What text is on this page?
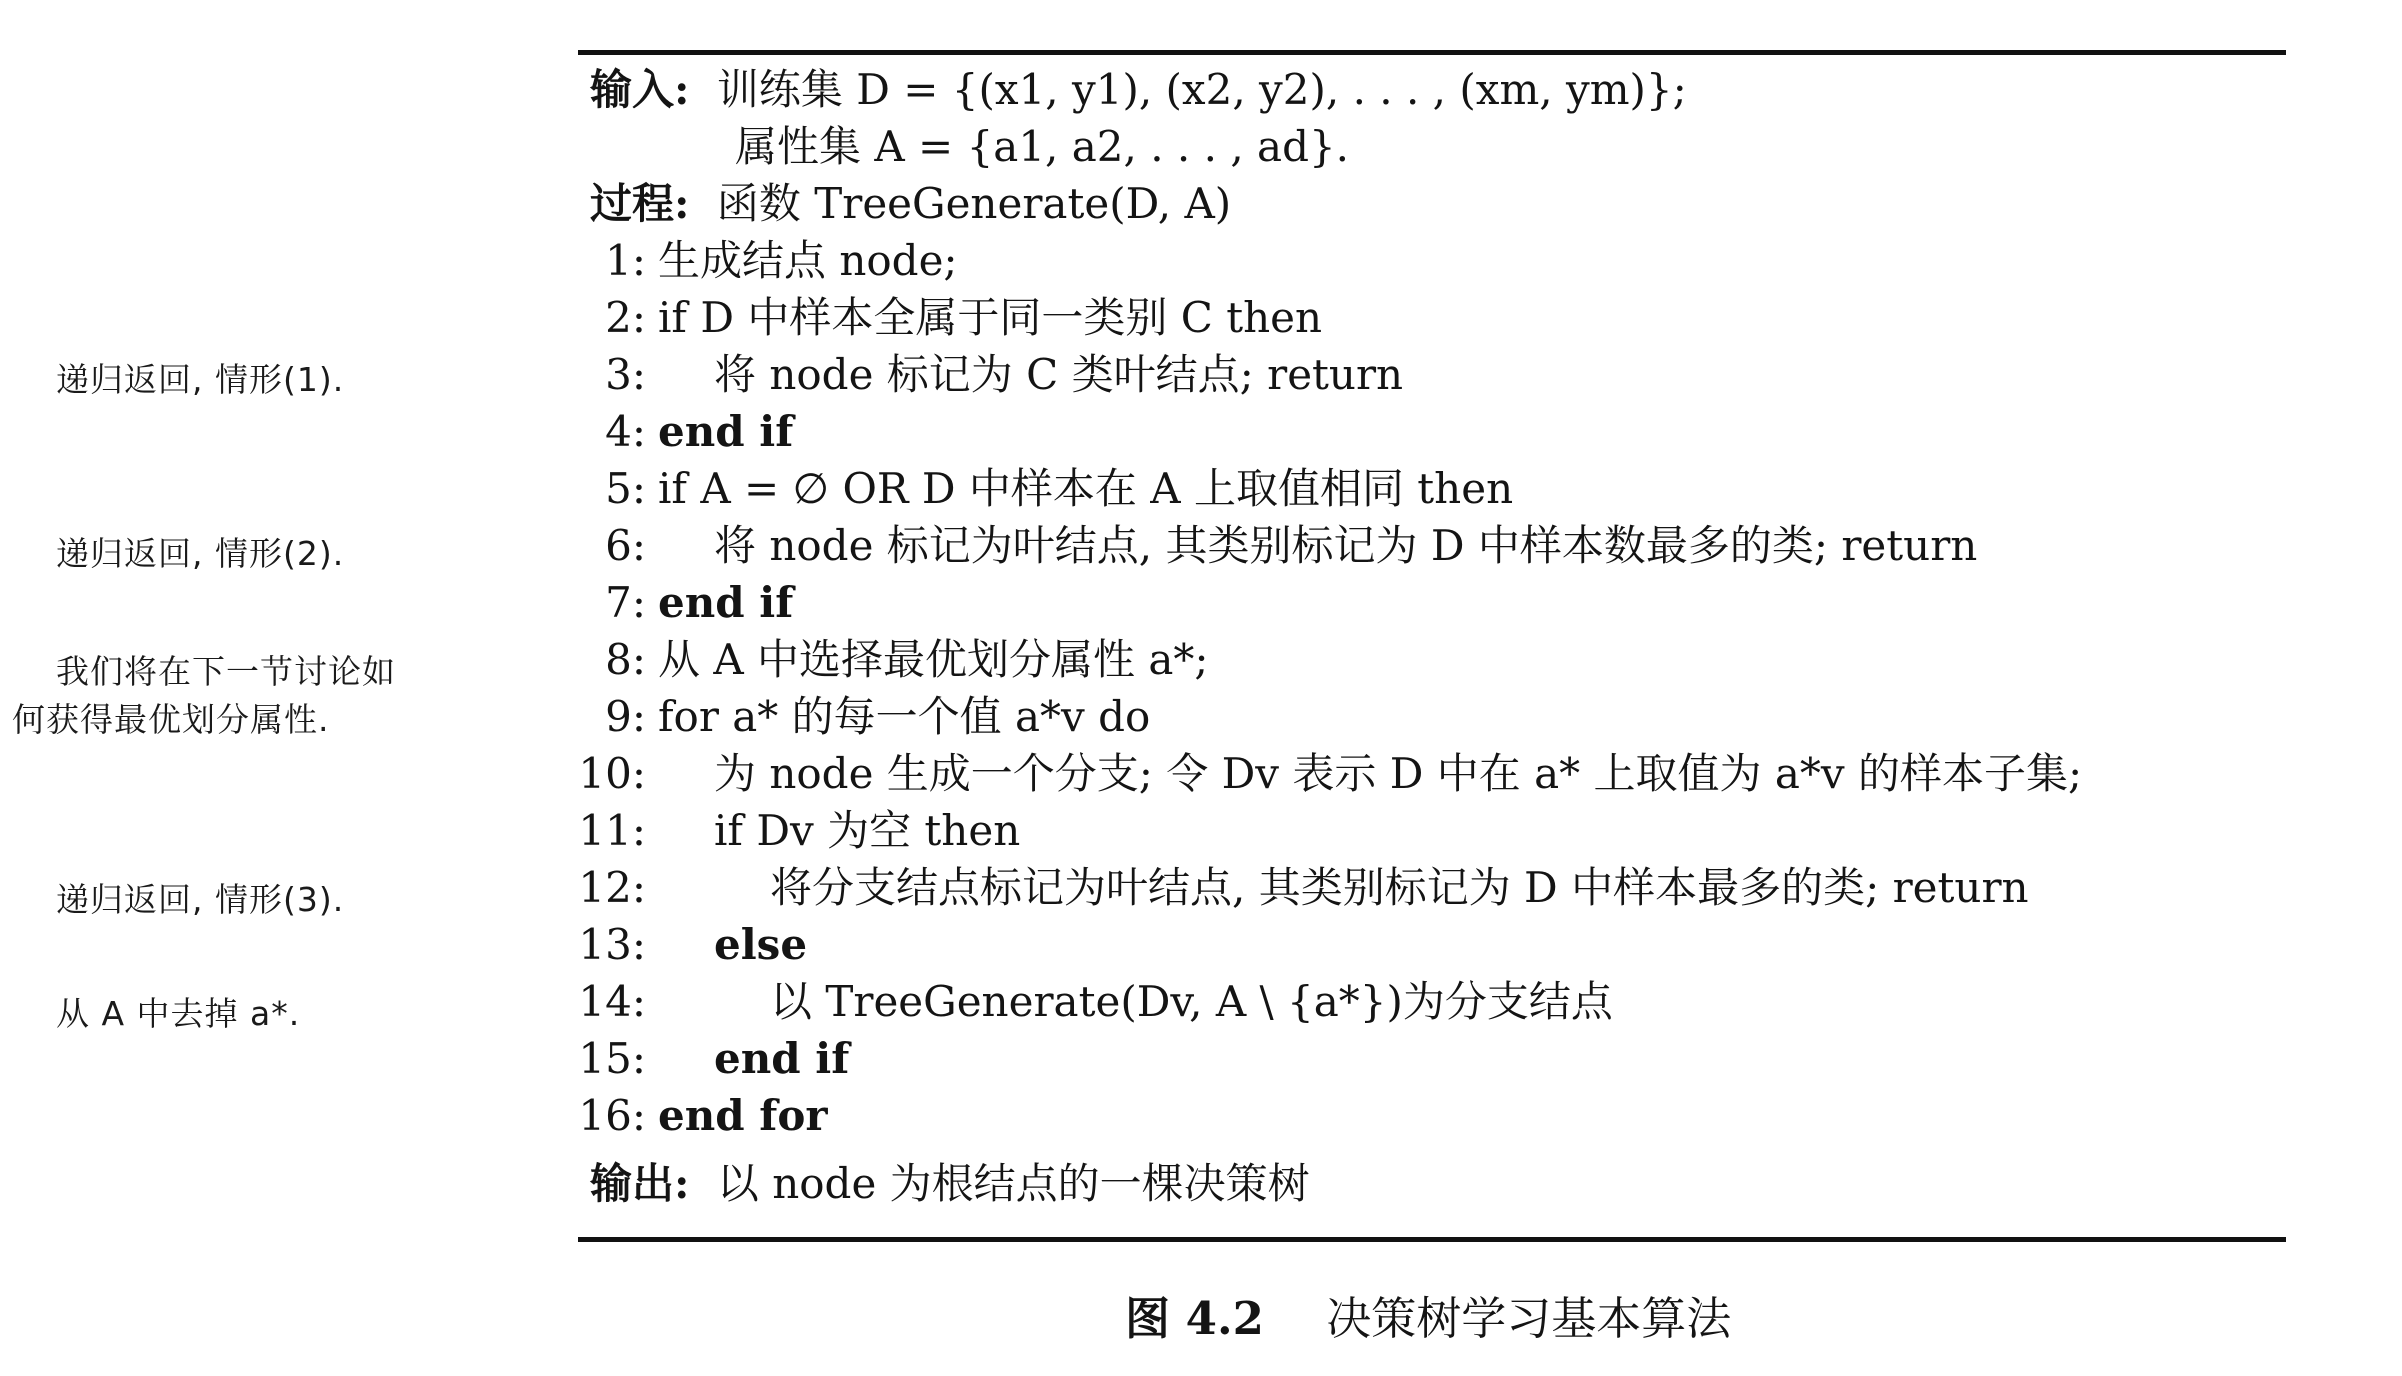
递归返回, 情形(1).
递归返回, 情形(2).
我们将在下一节讨论如
何获得最优划分属性.
递归返回, 情形(3).
从 A 中去掉 a*.
输入: 训练集 D = {(x1, y1), (x2, y2), . . . , (xm, ym)};
属性集 A = {a1, a2, . . . , ad}.
过程: 函数 TreeGenerate(D, A)
1: 生成结点 node;
2: if D 中样本全属于同一类别 C then
3: 将 node 标记为 C 类叶结点; return
4: end if
5: if A = ∅ OR D 中样本在 A 上取值相同 then
6: 将 node 标记为叶结点, 其类别标记为 D 中样本数最多的类; return
7: end if
8: 从 A 中选择最优划分属性 a*;
9: for a* 的每一个值 a*v do
10: 为 node 生成一个分支; 令 Dv 表示 D 中在 a* 上取值为 a*v 的样本子集;
11: if Dv 为空 then
12:	将分支结点标记为叶结点, 其类别标记为 D 中样本最多的类; return
13: else
14:	以 TreeGenerate(Dv, A \ {a*})为分支结点
15: end if
16: end for
输出: 以 node 为根结点的一棵决策树
图 4.2 决策树学习基本算法
